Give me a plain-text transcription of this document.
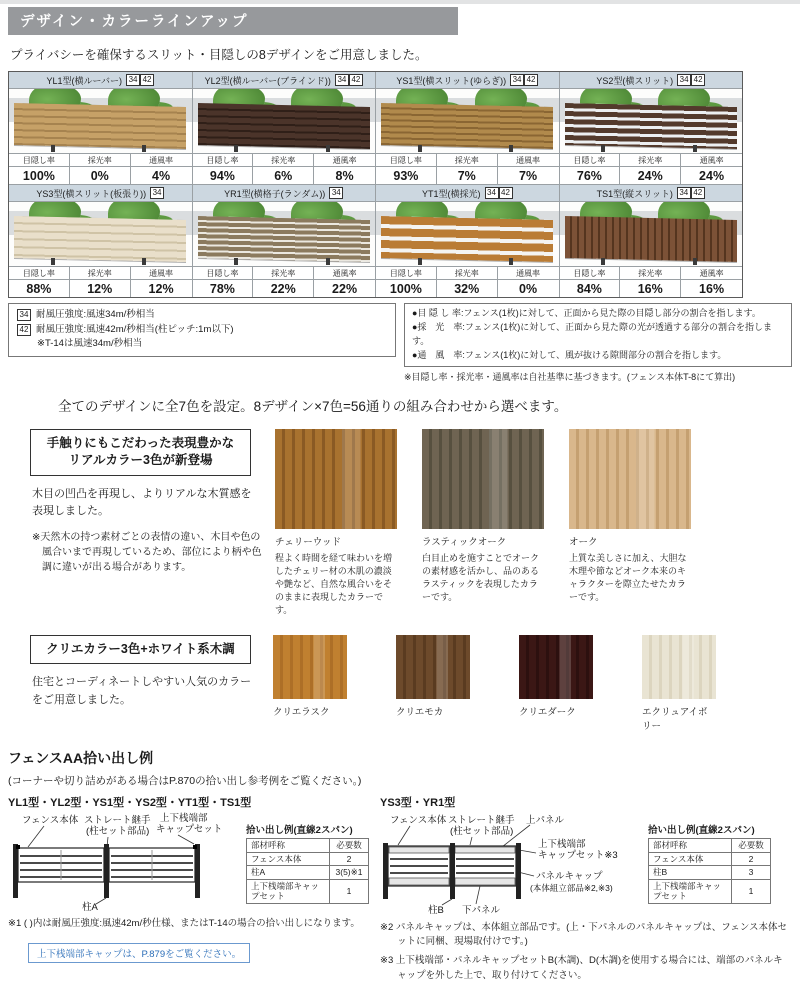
デザイン・カラーラインアップ
プライバシーを確保するスリット・目隠しの8デザインをご用意しました。
YL1型(横ルーバー) 34 42
目隠し率	採光率	通風率
100%	0%	4%
YL2型(横ルーバー(ブラインド)) 34 42
目隠し率	採光率	通風率
94%	6%	8%
YS1型(横スリット(ゆらぎ)) 34 42
目隠し率	採光率	通風率
93%	7%	7%
YS2型(横スリット) 34 42
目隠し率	採光率	通風率
76%	24%	24%
YS3型(横スリット(板張り)) 34
目隠し率	採光率	通風率
88%	12%	12%
YR1型(横格子(ランダム)) 34
目隠し率	採光率	通風率
78%	22%	22%
YT1型(横採光) 34 42
目隠し率	採光率	通風率
100%	32%	0%
TS1型(縦スリット) 34 42
目隠し率	採光率	通風率
84%	16%	16%
34 耐風圧強度:風速34m/秒相当
42 耐風圧強度:風速42m/秒相当(柱ピッチ:1m以下)
※T-14は風速34m/秒相当
●目 隠 し 率:フェンス(1枚)に対して、正面から見た際の目隠し部分の割合を指します。
●採　光　率:フェンス(1枚)に対して、正面から見た際の光が透過する部分の割合を指します。
●通　風　率:フェンス(1枚)に対して、風が抜ける隙間部分の割合を指します。
※目隠し率・採光率・通風率は自社基準に基づきます。(フェンス本体T-8にて算出)
全てのデザインに全7色を設定。8デザイン×7色=56通りの組み合わせから選べます。
手触りにもこだわった表現豊かな
リアルカラー3色が新登場
木目の凹凸を再現し、よりリアルな木質感を表現しました。
※天然木の持つ素材ごとの表情の違い、木目や色の風合いまで再現しているため、部位により柄や色調に違いが出る場合があります。
チェリーウッド
程よく時間を経て味わいを増したチェリー材の木肌の濃淡や艶など、自然な風合いをそのままに表現したカラーです。
ラスティックオーク
白目止めを施すことでオークの素材感を活かし、品のあるラスティックを表現したカラーです。
オーク
上質な美しさに加え、大胆な木理や節などオーク本来のキャラクターを際立たせたカラーです。
クリエカラー3色+ホワイト系木調
住宅とコーディネートしやすい人気のカラーをご用意しました。
クリエラスク	クリエモカ	クリエダーク	エクリュアイボリー
フェンスAA拾い出し例
(コーナーや切り詰めがある場合はP.870の拾い出し参考例をご覧ください。)
YL1型・YL2型・YS1型・YS2型・YT1型・TS1型
フェンス本体 ストレート継手
(柱セット部品)
上下桟端部
キャップセット
柱A
拾い出し例(直線2スパン)
部材呼称	必要数
フェンス本体	2
柱A	3(5)※1
上下桟端部キャップセット	1
※1 ( )内は耐風圧強度:風速42m/秒仕様、またはT-14の場合の拾い出しになります。
上下桟端部キャップは、P.879をご覧ください。
YS3型・YR1型
フェンス本体 ストレート継手
(柱セット部品)
上パネル
上下桟端部
キャップセット※3
パネルキャップ
(本体組立部品※2,※3)
柱B 下パネル
拾い出し例(直線2スパン)
部材呼称	必要数
フェンス本体	2
柱B	3
上下桟端部キャップセット	1
※2 パネルキャップは、本体組立部品です。(上・下パネルのパネルキャップは、フェンス本体セットに同梱、現場取付けです。)
※3 上下桟端部・パネルキャップセットB(木調)、D(木調)を使用する場合には、端部のパネルキャップを外した上で、取り付けてください。
